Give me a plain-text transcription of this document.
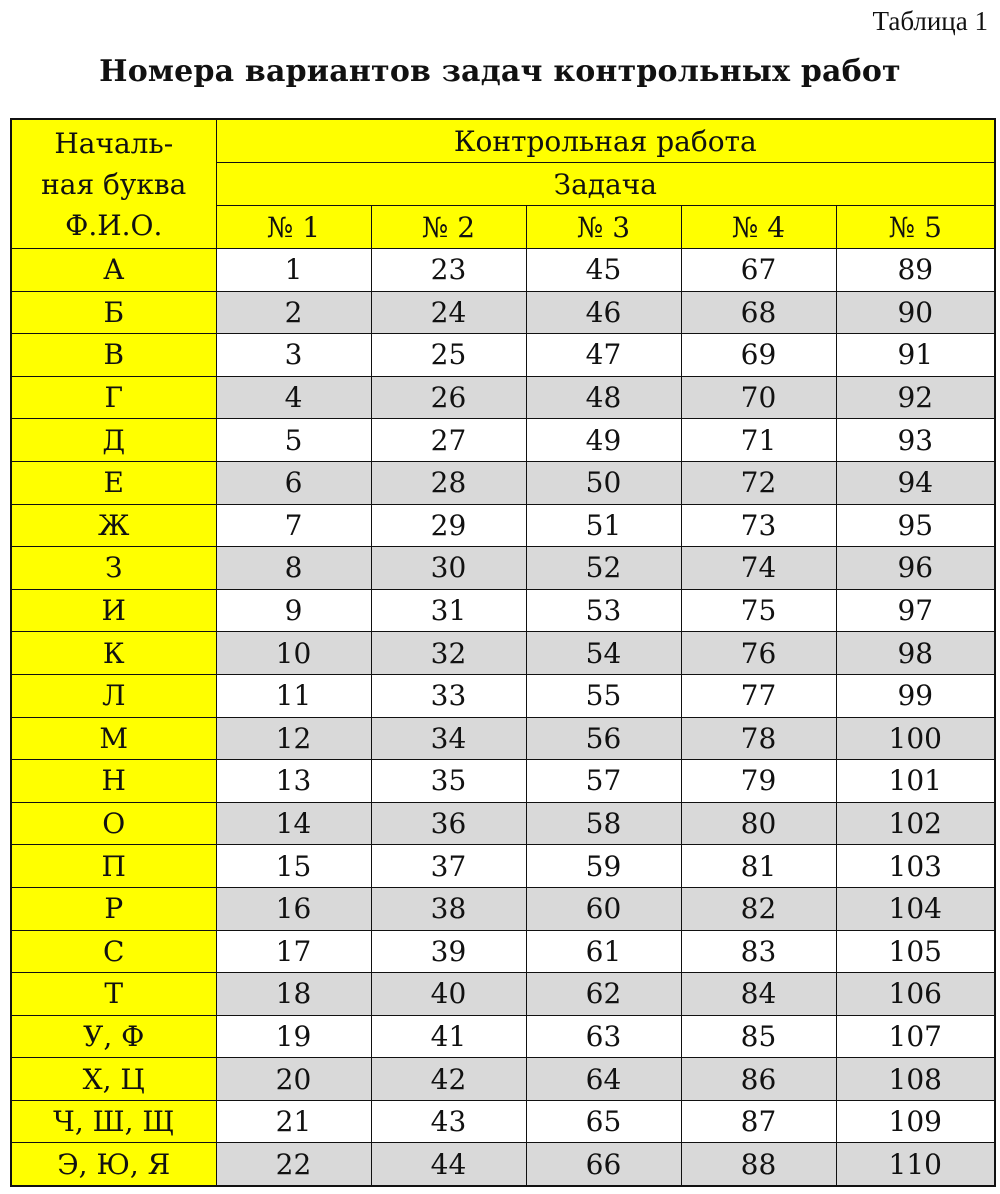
Таблица 1
Номера вариантов задач контрольных работ
Началь-
ная буква
Ф.И.О.	Контрольная работа				
	Задача				
	№ 1	№ 2	№ 3	№ 4	№ 5
А	1	23	45	67	89
Б	2	24	46	68	90
В	3	25	47	69	91
Г	4	26	48	70	92
Д	5	27	49	71	93
Е	6	28	50	72	94
Ж	7	29	51	73	95
З	8	30	52	74	96
И	9	31	53	75	97
К	10	32	54	76	98
Л	11	33	55	77	99
М	12	34	56	78	100
Н	13	35	57	79	101
О	14	36	58	80	102
П	15	37	59	81	103
Р	16	38	60	82	104
С	17	39	61	83	105
Т	18	40	62	84	106
У, Ф	19	41	63	85	107
Х, Ц	20	42	64	86	108
Ч, Ш, Щ	21	43	65	87	109
Э, Ю, Я	22	44	66	88	110
